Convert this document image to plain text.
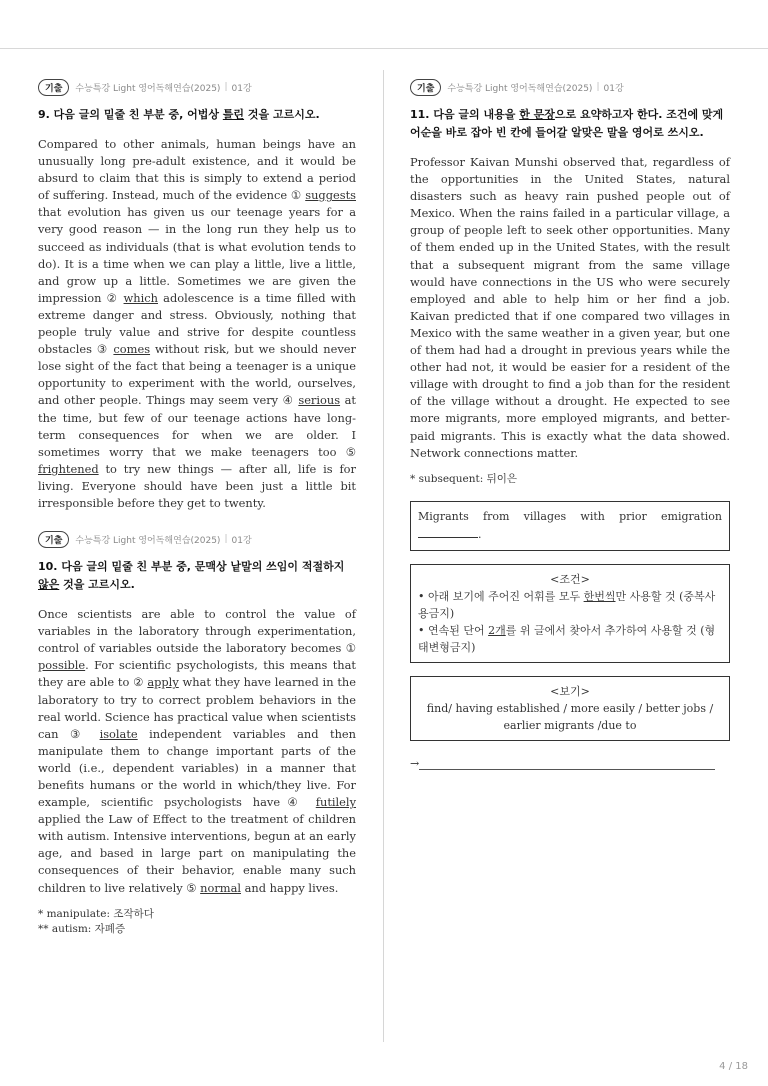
기출	수능특강 Light 영어독해연습(2025) | 01강
9. 다음 글의 밑줄 친 부분 중, 어법상 틀린 것을 고르시오.
Compared to other animals, human beings have an unusually long pre-adult existence, and it would be absurd to claim that this is simply to extend a period of suffering. Instead, much of the evidence ① suggests that evolution has given us our teenage years for a very good reason — in the long run they help us to succeed as individuals (that is what evolution tends to do). It is a time when we can play a little, live a little, and grow up a little. Sometimes we are given the impression ② which adolescence is a time filled with extreme danger and stress. Obviously, nothing that people truly value and strive for despite countless obstacles ③ comes without risk, but we should never lose sight of the fact that being a teenager is a unique opportunity to experiment with the world, ourselves, and other people. Things may seem very ④ serious at the time, but few of our teenage actions have long-term consequences for when we are older. I sometimes worry that we make teenagers too ⑤ frightened to try new things — after all, life is for living. Everyone should have been just a little bit irresponsible before they get to twenty.
기출	수능특강 Light 영어독해연습(2025) | 01강
10. 다음 글의 밑줄 친 부분 중, 문맥상 낱말의 쓰임이 적절하지 않은 것을 고르시오.
Once scientists are able to control the value of variables in the laboratory through experimentation, control of variables outside the laboratory becomes ① possible. For scientific psychologists, this means that they are able to ② apply what they have learned in the laboratory to try to correct problem behaviors in the real world. Science has practical value when scientists can ③ isolate independent variables and then manipulate them to change important parts of the world (i.e., dependent variables) in a manner that benefits humans or the world in which/they live. For example, scientific psychologists have④ futilely applied the Law of Effect to the treatment of children with autism. Intensive interventions, begun at an early age, and based in large part on manipulating the consequences of their behavior, enable many such children to live relatively ⑤ normal and happy lives.
* manipulate: 조작하다
** autism: 자폐증
기출	수능특강 Light 영어독해연습(2025) | 01강
11. 다음 글의 내용을 한 문장으로 요약하고자 한다. 조건에 맞게 어순을 바로 잡아 빈 칸에 들어갈 알맞은 말을 영어로 쓰시오.
Professor Kaivan Munshi observed that, regardless of the opportunities in the United States, natural disasters such as heavy rain pushed people out of Mexico. When the rains failed in a particular village, a group of people left to seek other opportunities. Many of them ended up in the United States, with the result that a subsequent migrant from the same village would have connections in the US who were securely employed and able to help him or her find a job. Kaivan predicted that if one compared two villages in Mexico with the same weather in a given year, but one of them had had a drought in previous years while the other had not, it would be easier for a resident of the village with drought to find a job than for the resident of the village without a drought. He expected to see more migrants, more employed migrants, and better-paid migrants. This is exactly what the data showed. Network connections matter.
* subsequent: 뒤이은
Migrants from villages with prior emigration
.
<조건>
• 아래 보기에 주어진 어휘를 모두 한번씩만 사용할 것 (중복사용금지)
• 연속된 단어 2개를 위 글에서 찾아서 추가하여 사용할 것 (형태변형금지)
<보기>
find/ having established / more easily / better jobs /
earlier migrants /due to
→
4 / 18
